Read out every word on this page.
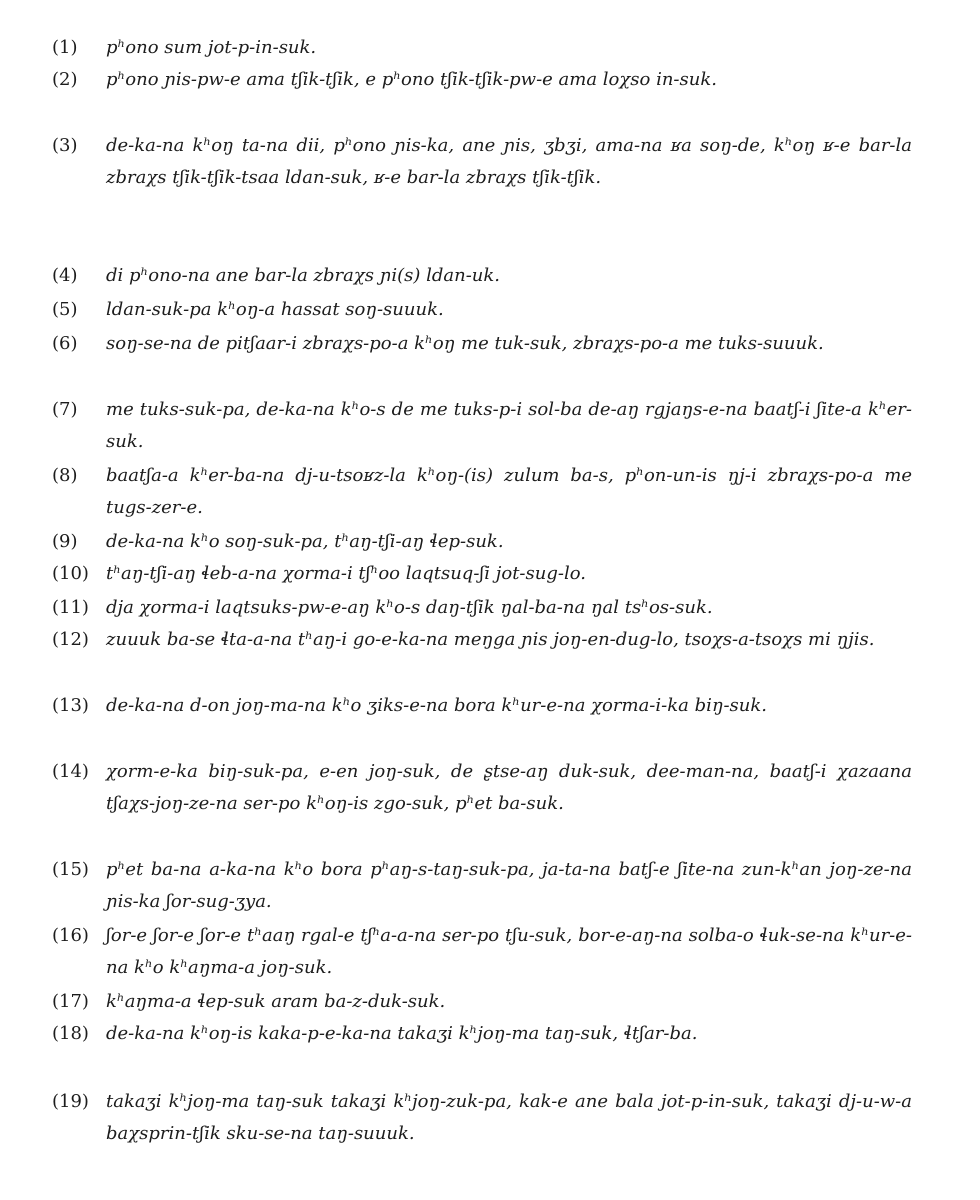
(1)	pʰono sum jot-p-in-suk.
(2)	pʰono ɲis-pw-e ama tʃik-tʃik, e pʰono tʃik-tʃik-pw-e ama loχso in-suk.
(3)	de-ka-na kʰoŋ ta-na dii, pʰono ɲis-ka, ane ɲis, ʒbʒi, ama-na ʁa soŋ-de, kʰoŋ ʁ-e bar-la zbraχs tʃik-tʃik-tsaa ldan-suk, ʁ-e bar-la zbraχs tʃik-tʃik.
(4)	di pʰono-na ane bar-la zbraχs ɲi(s) ldan-uk.
(5)	ldan-suk-pa kʰoŋ-a hassat soŋ-suuuk.
(6)	soŋ-se-na de pitʃaar-i zbraχs-po-a kʰoŋ me tuk-suk, zbraχs-po-a me tuks-suuuk.
(7)	me tuks-suk-pa, de-ka-na kʰo-s de me tuks-p-i sol-ba de-aŋ rgjaŋs-e-na baatʃ-i ʃite-a kʰer-suk.
(8)	baatʃa-a kʰer-ba-na dj-u-tsoʁz-la kʰoŋ-(is) zulum ba-s, pʰon-un-is ŋj-i zbraχs-po-a me tugs-zer-e.
(9)	de-ka-na kʰo soŋ-suk-pa, tʰaŋ-tʃi-aŋ ɬep-suk.
(10) tʰaŋ-tʃi-aŋ ɬeb-a-na χorma-i tʃʰoo laqtsuq-ʃi jot-sug-lo.
(11) dja χorma-i laqtsuks-pw-e-aŋ kʰo-s daŋ-tʃik ŋal-ba-na ŋal tsʰos-suk.
(12) zuuuk ba-se ɬta-a-na tʰaŋ-i go-e-ka-na meŋga ɲis joŋ-en-dug-lo, tsoχs-a-tsoχs mi ŋjis.
(13) de-ka-na d-on joŋ-ma-na kʰo ʒiks-e-na bora kʰur-e-na χorma-i-ka biŋ-suk.
(14) χorm-e-ka biŋ-suk-pa, e-en joŋ-suk, de ʂtse-aŋ duk-suk, dee-man-na, baatʃ-i χazaana tʃaχs-joŋ-ze-na ser-po kʰoŋ-is zgo-suk, pʰet ba-suk.
(15) pʰet ba-na a-ka-na kʰo bora pʰaŋ-s-taŋ-suk-pa, ja-ta-na batʃ-e ʃite-na zun-kʰan joŋ-ze-na ɲis-ka ʃor-sug-ʒya.
(16) ʃor-e ʃor-e ʃor-e tʰaaŋ rgal-e tʃʰa-a-na ser-po tʃu-suk, bor-e-aŋ-na solba-o ɬuk-se-na kʰur-e-na kʰo kʰaŋma-a joŋ-suk.
(17) kʰaŋma-a ɬep-suk aram ba-z-duk-suk.
(18) de-ka-na kʰoŋ-is kaka-p-e-ka-na takaʒi kʰjoŋ-ma taŋ-suk, ɬtʃar-ba.
(19) takaʒi kʰjoŋ-ma taŋ-suk takaʒi kʰjoŋ-zuk-pa, kak-e ane bala jot-p-in-suk, takaʒi dj-u-w-a baχsprin-tʃik sku-se-na taŋ-suuuk.
